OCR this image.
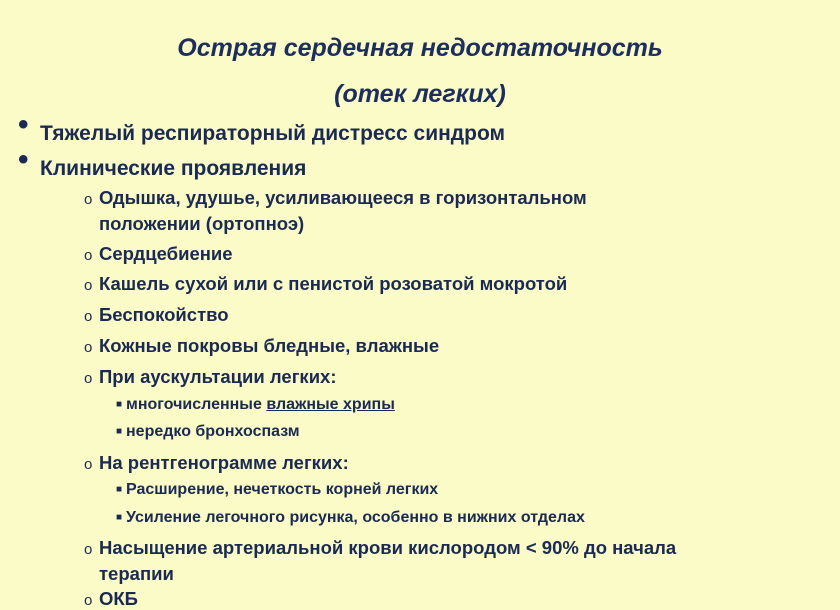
Острая сердечная недостаточность
(отек легких)
• Тяжелый респираторный дистресс синдром
• Клинические проявления
o Одышка, удушье, усиливающееся в горизонтальном
положении (ортопноэ)
o Сердцебиение
o Кашель сухой или с пенистой розоватой мокротой
o Беспокойство
o Кожные покровы бледные, влажные
o При аускультации легких:
■ многочисленные влажные хрипы
■ нередко бронхоспазм
o На рентгенограмме легких:
■ Расширение, нечеткость корней легких
■ Усиление легочного рисунка, особенно в нижних отделах
o Насыщение артериальной крови кислородом < 90% до начала
терапии
o ОКБ
